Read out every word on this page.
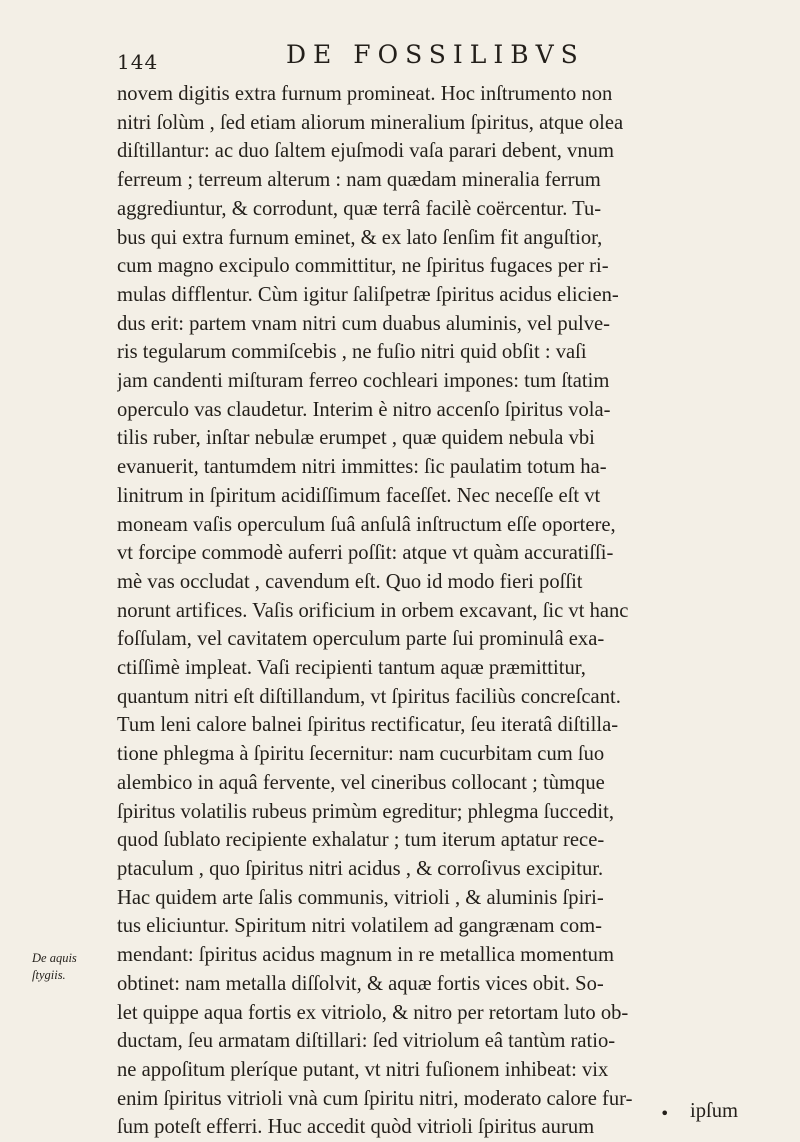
144	DE FOSSILIBVS
novem digitis extra furnum promineat. Hoc inſtrumento non
nitri ſolùm , ſed etiam aliorum mineralium ſpiritus, atque olea
diſtillantur: ac duo ſaltem ejuſmodi vaſa parari debent, vnum
ferreum ; terreum alterum : nam quædam mineralia ferrum
aggrediuntur, & corrodunt, quæ terrâ facilè coërcentur. Tu-
bus qui extra furnum eminet, & ex lato ſenſim fit anguſtior,
cum magno excipulo committitur, ne ſpiritus fugaces per ri-
mulas difflentur. Cùm igitur ſaliſpetræ ſpiritus acidus elicien-
dus erit: partem vnam nitri cum duabus aluminis, vel pulve-
ris tegularum commiſcebis , ne fuſio nitri quid obſit : vaſi
jam candenti miſturam ferreo cochleari impones: tum ſtatim
operculo vas claudetur. Interim è nitro accenſo ſpiritus vola-
tilis ruber, inſtar nebulæ erumpet , quæ quidem nebula vbi
evanuerit, tantumdem nitri immittes: ſic paulatim totum ha-
linitrum in ſpiritum acidiſſimum faceſſet. Nec neceſſe eſt vt
moneam vaſis operculum ſuâ anſulâ inſtructum eſſe oportere,
vt forcipe commodè auferri poſſit: atque vt quàm accuratiſſi-
mè vas occludat , cavendum eſt. Quo id modo fieri poſſit
norunt artifices. Vaſis orificium in orbem excavant, ſic vt hanc
foſſulam, vel cavitatem operculum parte ſui prominulâ exa-
ctiſſimè impleat. Vaſi recipienti tantum aquæ præmittitur,
quantum nitri eſt diſtillandum, vt ſpiritus faciliùs concreſcant.
Tum leni calore balnei ſpiritus rectificatur, ſeu iteratâ diſtilla-
tione phlegma à ſpiritu ſecernitur: nam cucurbitam cum ſuo
alembico in aquâ fervente, vel cineribus collocant ; tùmque
ſpiritus volatilis rubeus primùm egreditur; phlegma ſuccedit,
quod ſublato recipiente exhalatur ; tum iterum aptatur rece-
ptaculum , quo ſpiritus nitri acidus , & corroſivus excipitur.
Hac quidem arte ſalis communis, vitrioli , & aluminis ſpiri-
tus eliciuntur. Spiritum nitri volatilem ad gangrænam com-
mendant: ſpiritus acidus magnum in re metallica momentum
obtinet: nam metalla diſſolvit, & aquæ fortis vices obit. So-
let quippe aqua fortis ex vitriolo, & nitro per retortam luto ob-
ductam, ſeu armatam diſtillari: ſed vitriolum eâ tantùm ratio-
ne appoſitum pleríque putant, vt nitri fuſionem inhibeat: vix
enim ſpiritus vitrioli vnà cum ſpiritu nitri, moderato calore fur-
ſum poteſt efferri. Huc accedit quòd vitrioli ſpiritus aurum
De aquis
ſtygiis.
• ipſum
